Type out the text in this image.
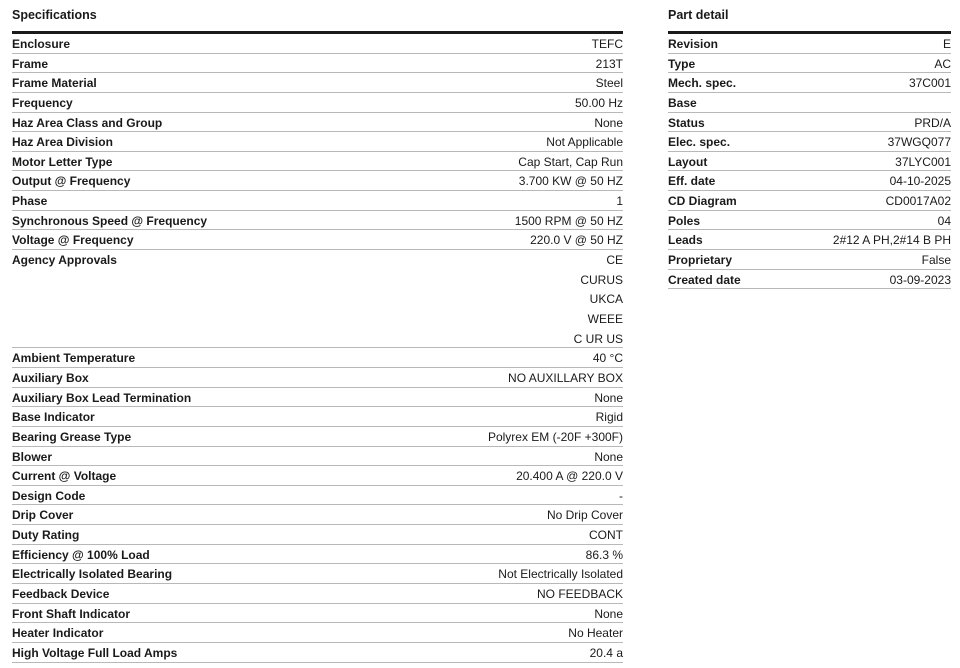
Specifications
Enclosure	TEFC
Frame	213T
Frame Material	Steel
Frequency	50.00 Hz
Haz Area Class and Group	None
Haz Area Division	Not Applicable
Motor Letter Type	Cap Start, Cap Run
Output @ Frequency	3.700 KW @ 50 HZ
Phase	1
Synchronous Speed @ Frequency	1500 RPM @ 50 HZ
Voltage @ Frequency	220.0 V @ 50 HZ
Agency Approvals	CE
CURUS
UKCA
WEEE
C UR US
Ambient Temperature	40 °C
Auxiliary Box	NO AUXILLARY BOX
Auxiliary Box Lead Termination	None
Base Indicator	Rigid
Bearing Grease Type	Polyrex EM (-20F +300F)
Blower	None
Current @ Voltage	20.400 A @ 220.0 V
Design Code	-
Drip Cover	No Drip Cover
Duty Rating	CONT
Efficiency @ 100% Load	86.3 %
Electrically Isolated Bearing	Not Electrically Isolated
Feedback Device	NO FEEDBACK
Front Shaft Indicator	None
Heater Indicator	No Heater
High Voltage Full Load Amps	20.4 a
Part detail
Revision	E
Type	AC
Mech. spec.	37C001
Base
Status	PRD/A
Elec. spec.	37WGQ077
Layout	37LYC001
Eff. date	04-10-2025
CD Diagram	CD0017A02
Poles	04
Leads	2#12 A PH,2#14 B PH
Proprietary	False
Created date	03-09-2023
